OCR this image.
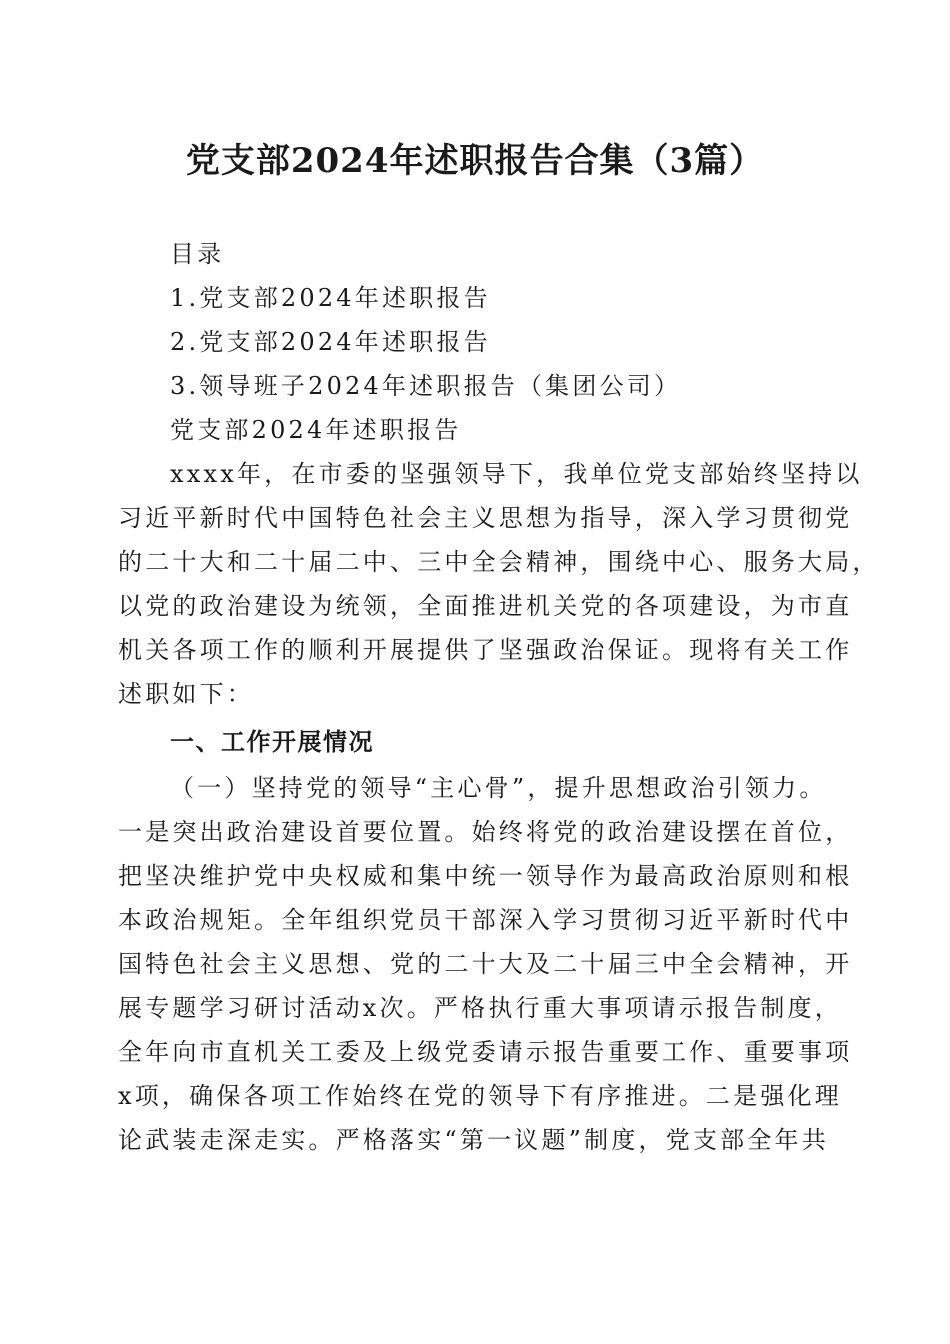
党支部2024年述职报告合集（3篇）
目录
1.党支部2024年述职报告
2.党支部2024年述职报告
3.领导班子2024年述职报告（集团公司）
党支部2024年述职报告
xxxx年，在市委的坚强领导下，我单位党支部始终坚持以
习近平新时代中国特色社会主义思想为指导，深入学习贯彻党
的二十大和二十届二中、三中全会精神，围绕中心、服务大局，
以党的政治建设为统领，全面推进机关党的各项建设，为市直
机关各项工作的顺利开展提供了坚强政治保证。现将有关工作
述职如下：
一、工作开展情况
（一）坚持党的领导“主心骨”，提升思想政治引领力。
一是突出政治建设首要位置。始终将党的政治建设摆在首位，
把坚决维护党中央权威和集中统一领导作为最高政治原则和根
本政治规矩。全年组织党员干部深入学习贯彻习近平新时代中
国特色社会主义思想、党的二十大及二十届三中全会精神，开
展专题学习研讨活动x次。严格执行重大事项请示报告制度，
全年向市直机关工委及上级党委请示报告重要工作、重要事项
x项，确保各项工作始终在党的领导下有序推进。二是强化理
论武装走深走实。严格落实“第一议题”制度，党支部全年共
